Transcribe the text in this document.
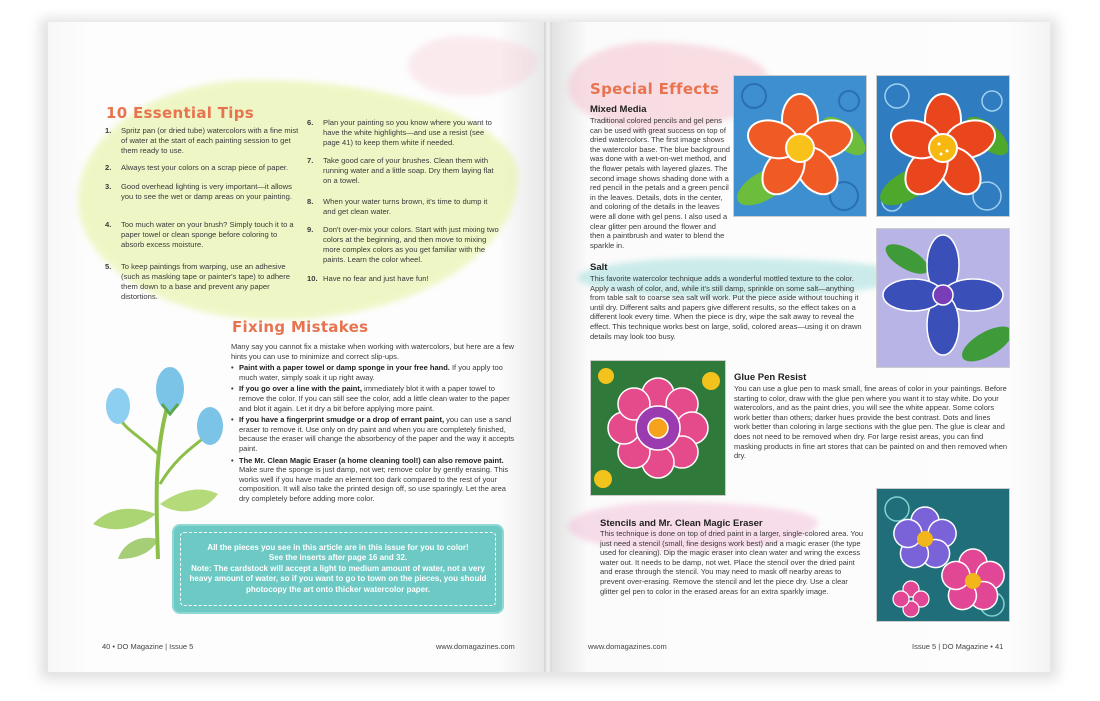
10 Essential Tips
1.	Spritz pan (or dried tube) watercolors with a fine mist of water at the start of each painting session to get them ready to use.
2.	Always test your colors on a scrap piece of paper.
3.	Good overhead lighting is very important—it allows you to see the wet or damp areas on your painting.
4.	Too much water on your brush? Simply touch it to a paper towel or clean sponge before coloring to absorb excess moisture.
5.	To keep paintings from warping, use an adhesive (such as masking tape or painter's tape) to adhere them down to a base and prevent any paper distortions.
6.	Plan your painting so you know where you want to have the white highlights—and use a resist (see page 41) to keep them white if needed.
7.	Take good care of your brushes. Clean them with running water and a little soap. Dry them laying flat on a towel.
8.	When your water turns brown, it's time to dump it and get clean water.
9.	Don't over-mix your colors. Start with just mixing two colors at the beginning, and then move to mixing more complex colors as you get familiar with the paints. Learn the color wheel.
10. Have no fear and just have fun!
Fixing Mistakes
Many say you cannot fix a mistake when working with watercolors, but here are a few hints you can use to minimize and correct slip-ups.
• Paint with a paper towel or damp sponge in your free hand. If you apply too much water, simply soak it up right away.
• If you go over a line with the paint, immediately blot it with a paper towel to remove the color. If you can still see the color, add a little clean water to the paper and blot it again. Let it dry a bit before applying more paint.
• If you have a fingerprint smudge or a drop of errant paint, you can use a sand eraser to remove it. Use only on dry paint and when you are completely finished, because the eraser will change the absorbency of the paper and the way it accepts paint.
• The Mr. Clean Magic Eraser (a home cleaning tool!) can also remove paint. Make sure the sponge is just damp, not wet; remove color by gently erasing. This works well if you have made an element too dark compared to the rest of your composition. It will also take the printed design off, so use sparingly. Let the area dry completely before adding more color.
All the pieces you see in this article are in this issue for you to color!
See the inserts after page 16 and 32.
Note: The cardstock will accept a light to medium amount of water, not a very heavy amount of water, so if you want to go to town on the pieces, you should photocopy the art onto thicker watercolor paper.
40 • DO Magazine | Issue 5	www.domagazines.com
Special Effects
Mixed Media
Traditional colored pencils and gel pens can be used with great success on top of dried watercolors. The first image shows the watercolor base. The blue background was done with a wet-on-wet method, and the flower petals with layered glazes. The second image shows shading done with a red pencil in the petals and a green pencil in the leaves. Details, dots in the center, and coloring of the details in the leaves were all done with gel pens. I also used a clear glitter pen around the flower and then a paintbrush and water to blend the sparkle in.
Salt
This favorite watercolor technique adds a wonderful mottled texture to the color. Apply a wash of color, and, while it's still damp, sprinkle on some salt—anything from table salt to coarse sea salt will work. Put the piece aside without touching it until dry. Different salts and papers give different results, so the effect takes on a different look every time. When the piece is dry, wipe the salt away to reveal the effect. This technique works best on large, solid, colored areas—using it on drawn details may look too busy.
Glue Pen Resist
You can use a glue pen to mask small, fine areas of color in your paintings. Before starting to color, draw with the glue pen where you want it to stay white. Do your watercolors, and as the paint dries, you will see the white appear. Some colors work better than others; darker hues provide the best contrast. Dots and lines work better than coloring in large sections with the glue pen. The glue is clear and does not need to be removed when dry. For large resist areas, you can find masking products in fine art stores that can be painted on and then removed when dry.
Stencils and Mr. Clean Magic Eraser
This technique is done on top of dried paint in a larger, single-colored area. You just need a stencil (small, fine designs work best) and a magic eraser (the type used for cleaning). Dip the magic eraser into clean water and wring the excess water out. It needs to be damp, not wet. Place the stencil over the dried paint and erase through the stencil. You may need to mask off nearby areas to prevent over-erasing. Remove the stencil and let the piece dry. Use a clear glitter gel pen to color in the erased areas for an extra sparkly image.
www.domagazines.com	Issue 5 | DO Magazine • 41
